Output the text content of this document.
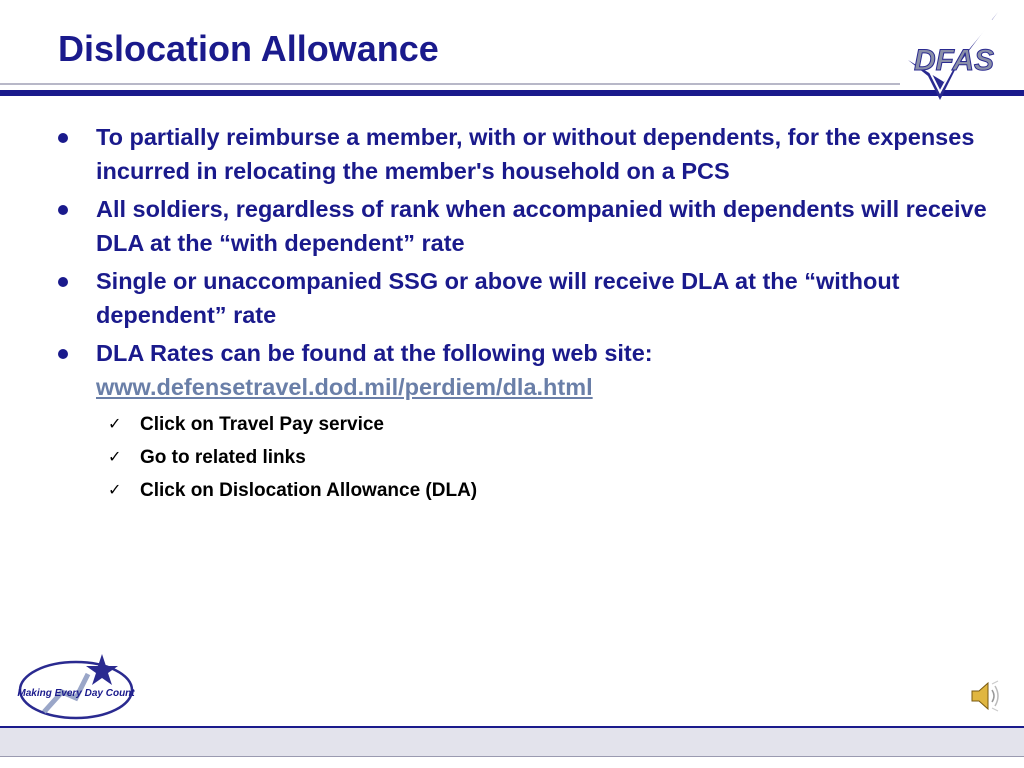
Dislocation Allowance	DFAS
To partially reimburse a member, with or without dependents, for the expenses incurred in relocating the member's household on a PCS
All soldiers, regardless of rank when accompanied with dependents will receive DLA at the “with dependent” rate
Single or unaccompanied SSG or above will receive DLA at the “without dependent” rate
DLA Rates can be found at the following web site:
www.defensetravel.dod.mil/perdiem/dla.html
✓ Click on Travel Pay service
✓ Go to related links
✓ Click on Dislocation Allowance (DLA)
Making Every Day Count
